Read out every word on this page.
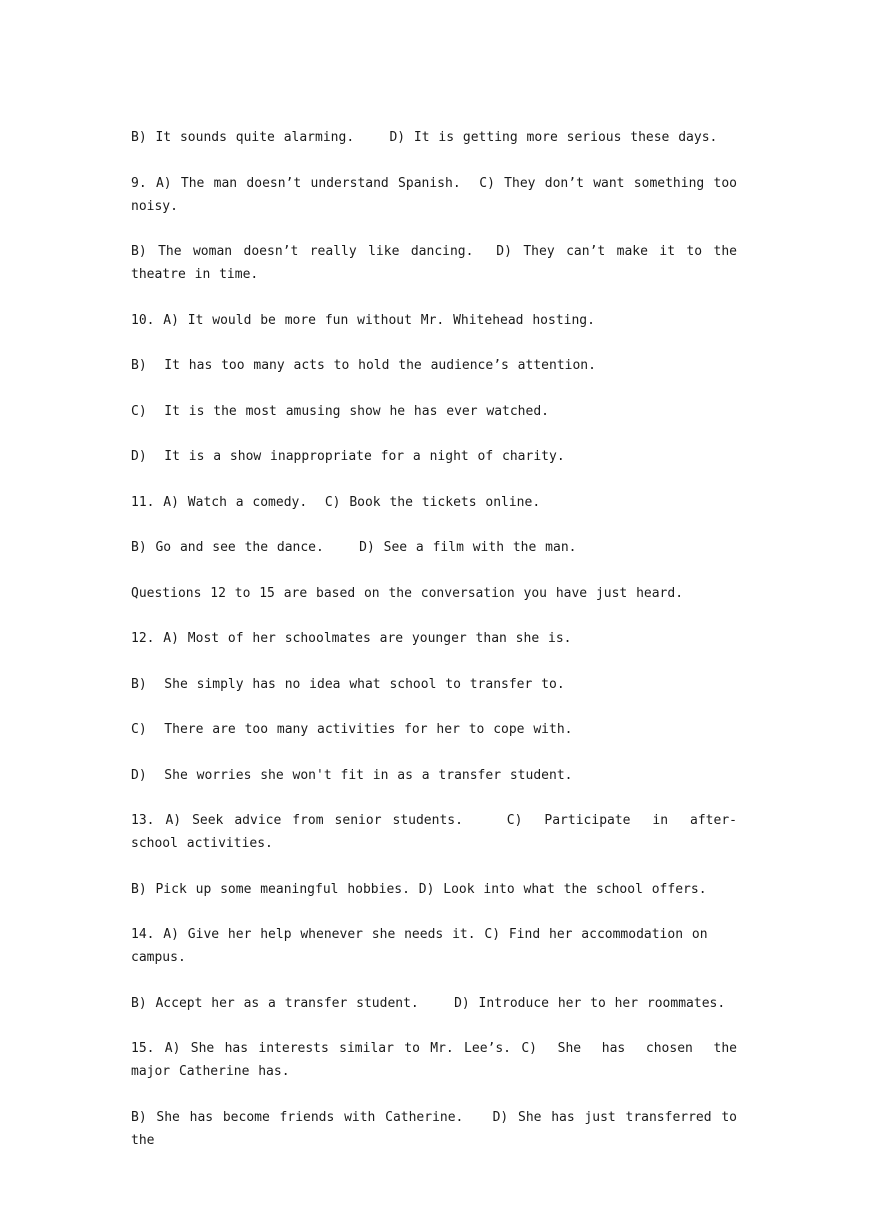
B) It sounds quite alarming.    D) It is getting more serious these days.

9. A) The man doesn’t understand Spanish.  C) They don’t want something too noisy.

B) The woman doesn’t really like dancing.  D) They can’t make it to the theatre in time.

10. A) It would be more fun without Mr. Whitehead hosting.

B)  It has too many acts to hold the audience’s attention.

C)  It is the most amusing show he has ever watched.

D)  It is a show inappropriate for a night of charity.

11. A) Watch a comedy.  C) Book the tickets online.

B) Go and see the dance.    D) See a film with the man.

Questions 12 to 15 are based on the conversation you have just heard.

12. A) Most of her schoolmates are younger than she is.

B)  She simply has no idea what school to transfer to.

C)  There are too many activities for her to cope with.

D)  She worries she won't fit in as a transfer student.

13. A) Seek advice from senior students.    C)  Participate  in  after-school activities.

B) Pick up some meaningful hobbies. D) Look into what the school offers.

14. A) Give her help whenever she needs it. C) Find her accommodation on campus.

B) Accept her as a transfer student.    D) Introduce her to her roommates.

15. A) She has interests similar to Mr. Lee’s. C)  She  has  chosen  the  major Catherine has.

B) She has become friends with Catherine.   D) She has just transferred to the
